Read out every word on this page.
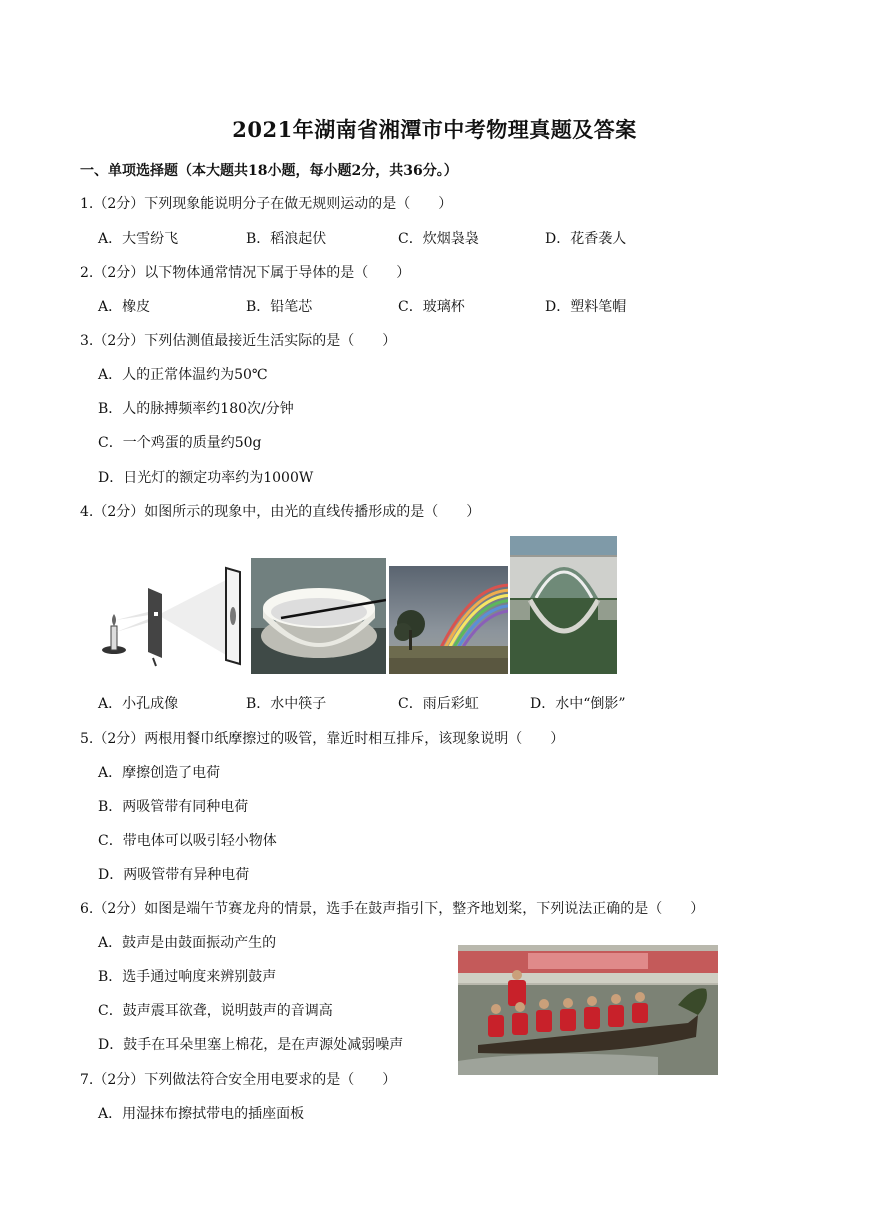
2021年湖南省湘潭市中考物理真题及答案
一、单项选择题（本大题共18小题，每小题2分，共36分。）
1.（2分）下列现象能说明分子在做无规则运动的是（　　）
A．大雪纷飞	B．稻浪起伏	C．炊烟袅袅	D．花香袭人
2.（2分）以下物体通常情况下属于导体的是（　　）
A．橡皮	B．铅笔芯	C．玻璃杯	D．塑料笔帽
3.（2分）下列估测值最接近生活实际的是（　　）
A．人的正常体温约为50℃
B．人的脉搏频率约180次/分钟
C．一个鸡蛋的质量约50g
D．日光灯的额定功率约为1000W
4.（2分）如图所示的现象中，由光的直线传播形成的是（　　）
A．小孔成像	B．水中筷子	C．雨后彩虹	D．水中“倒影”
5.（2分）两根用餐巾纸摩擦过的吸管，靠近时相互排斥，该现象说明（　　）
A．摩擦创造了电荷
B．两吸管带有同种电荷
C．带电体可以吸引轻小物体
D．两吸管带有异种电荷
6.（2分）如图是端午节赛龙舟的情景，选手在鼓声指引下，整齐地划桨，下列说法正确的是（　　）
A．鼓声是由鼓面振动产生的
B．选手通过响度来辨别鼓声
C．鼓声震耳欲聋，说明鼓声的音调高
D．鼓手在耳朵里塞上棉花，是在声源处减弱噪声
7.（2分）下列做法符合安全用电要求的是（　　）
A．用湿抹布擦拭带电的插座面板
